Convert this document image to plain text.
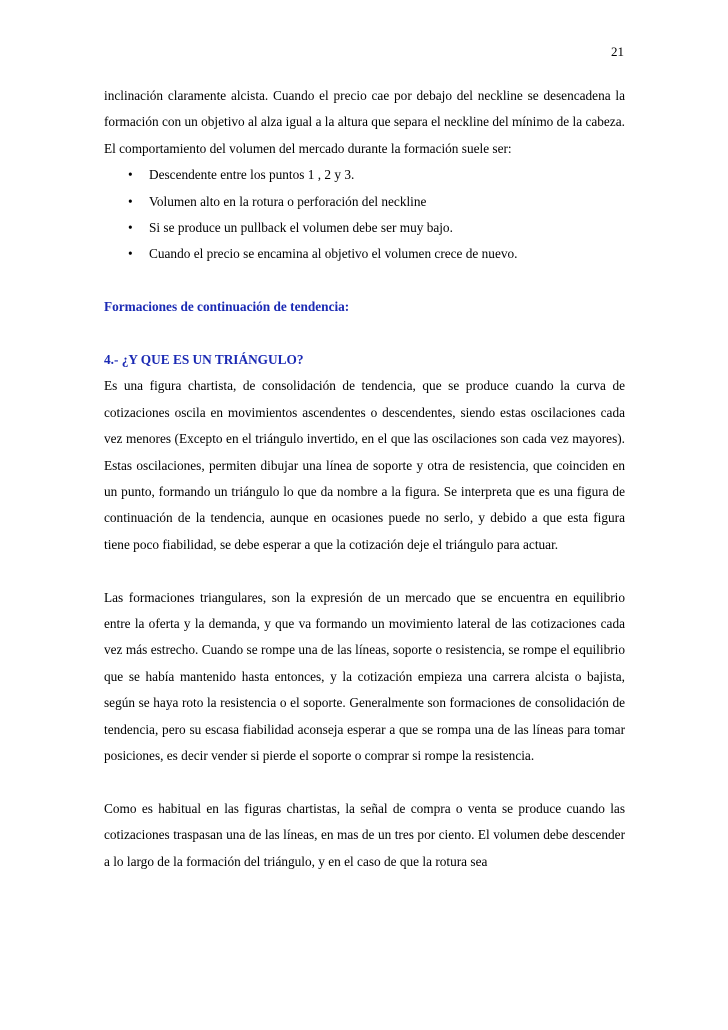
21

inclinación claramente alcista. Cuando el precio cae por debajo del neckline se desencadena la formación con un objetivo al alza igual a la altura que separa el neckline del mínimo de la cabeza.

El comportamiento del volumen del mercado durante la formación suele ser:

• Descendente entre los puntos 1 , 2 y 3.
• Volumen alto en la rotura o perforación del neckline
• Si se produce un pullback el volumen debe ser muy bajo.
• Cuando el precio se encamina al objetivo el volumen crece de nuevo.

Formaciones de continuación de tendencia:

4.- ¿Y QUE ES UN TRIÁNGULO?

Es una figura chartista, de consolidación de tendencia, que se produce cuando la curva de cotizaciones oscila en movimientos ascendentes o descendentes, siendo estas oscilaciones cada vez menores (Excepto en el triángulo invertido, en el que las oscilaciones son cada vez mayores). Estas oscilaciones, permiten dibujar una línea de soporte y otra de resistencia, que coinciden en un punto, formando un triángulo lo que da nombre a la figura. Se interpreta que es una figura de continuación de la tendencia, aunque en ocasiones puede no serlo, y debido a que esta figura tiene poco fiabilidad, se debe esperar a que la cotización deje el triángulo para actuar.

Las formaciones triangulares, son la expresión de un mercado que se encuentra en equilibrio entre la oferta y la demanda, y que va formando un movimiento lateral de las cotizaciones cada vez más estrecho. Cuando se rompe una de las líneas, soporte o resistencia, se rompe el equilibrio que se había mantenido hasta entonces, y la cotización empieza una carrera alcista o bajista, según se haya roto la resistencia o el soporte. Generalmente son formaciones de consolidación de tendencia, pero su escasa fiabilidad aconseja esperar a que se rompa una de las líneas para tomar posiciones, es decir vender si pierde el soporte o comprar si rompe la resistencia.

Como es habitual en las figuras chartistas, la señal de compra o venta se produce cuando las cotizaciones traspasan una de las líneas, en mas de un tres por ciento. El volumen debe descender a lo largo de la formación del triángulo, y en el caso de que la rotura sea
